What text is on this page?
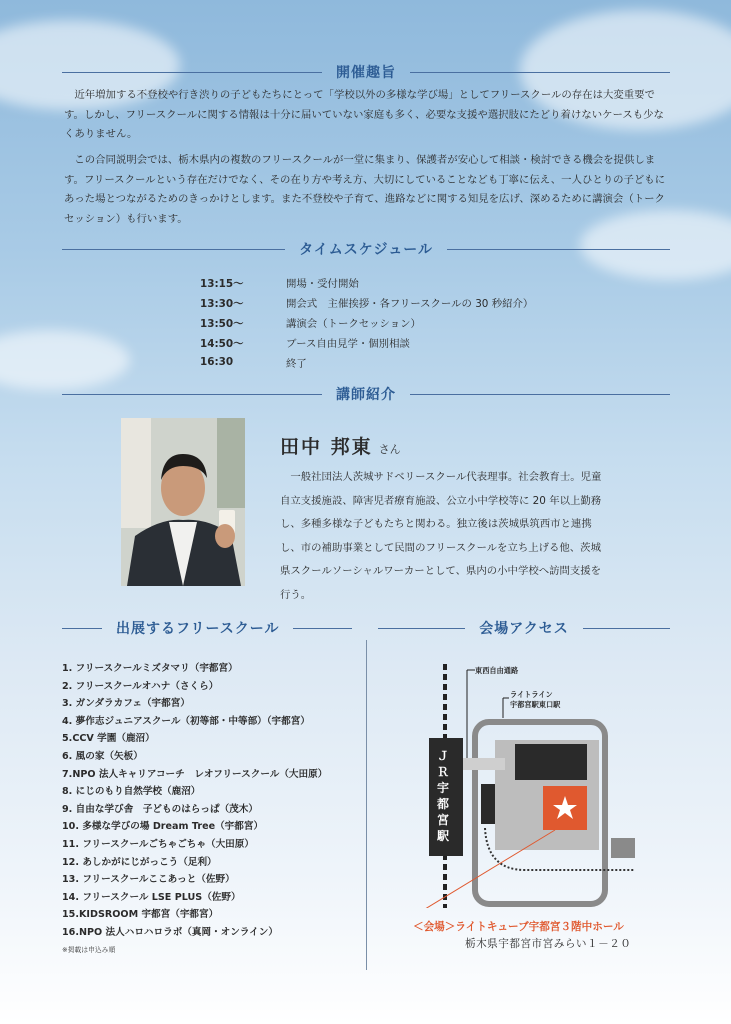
開催趣旨

近年増加する不登校や行き渋りの子どもたちにとって「学校以外の多様な学び場」としてフリースクールの存在は大変重要です。しかし、フリースクールに関する情報は十分に届いていない家庭も多く、必要な支援や選択肢にたどり着けないケースも少なくありません。

この合同説明会では、栃木県内の複数のフリースクールが一堂に集まり、保護者が安心して相談・検討できる機会を提供します。フリースクールという存在だけでなく、その在り方や考え方、大切にしていることなども丁寧に伝え、一人ひとりの子どもにあった場とつながるためのきっかけとします。また不登校や子育て、進路などに関する知見を広げ、深めるために講演会（トークセッション）も行います。

タイムスケジュール
13:15〜	開場・受付開始
13:30〜	開会式　主催挨拶・各フリースクールの 30 秒紹介）
13:50〜	講演会（トークセッション）
14:50〜	ブース自由見学・個別相談
16:30	終了
講師紹介
田中 邦東 さん

一般社団法人茨城サドベリースクール代表理事。社会教育士。児童自立支援施設、障害児者療育施設、公立小中学校等に 20 年以上勤務し、多種多様な子どもたちと関わる。独立後は茨城県筑西市と連携し、市の補助事業として民間のフリースクールを立ち上げる他、茨城県スクールソーシャルワーカーとして、県内の小中学校へ訪問支援を行う。

出展するフリースクール
1. フリースクールミズタマリ（宇都宮）
2. フリースクールオハナ（さくら）
3. ガンダラカフェ（宇都宮）
4. 夢作志ジュニアスクール（初等部・中等部）（宇都宮）
5.CCV 学園（鹿沼）
6. 風の家（矢板）
7.NPO 法人キャリアコーチ　レオフリースクール（大田原）
8. にじのもり自然学校（鹿沼）
9. 自由な学び舎　子どものはらっぱ（茂木）
10. 多様な学びの場 Dream Tree（宇都宮）
11. フリースクールごちゃごちゃ（大田原）
12. あしかがにじがっこう（足利）
13. フリースクールここあっと（佐野）
14. フリースクール LSE PLUS（佐野）
15.KIDSROOM 宇都宮（宇都宮）
16.NPO 法人ハロハロラボ（真岡・オンライン）
※掲載は申込み順
会場アクセス
東西自由通路
ライトライン
宇都宮駅東口駅
ＪＲ宇都宮駅
＜会場＞ライトキューブ宇都宮３階中ホール
栃木県宇都宮市宮みらい１－２０
